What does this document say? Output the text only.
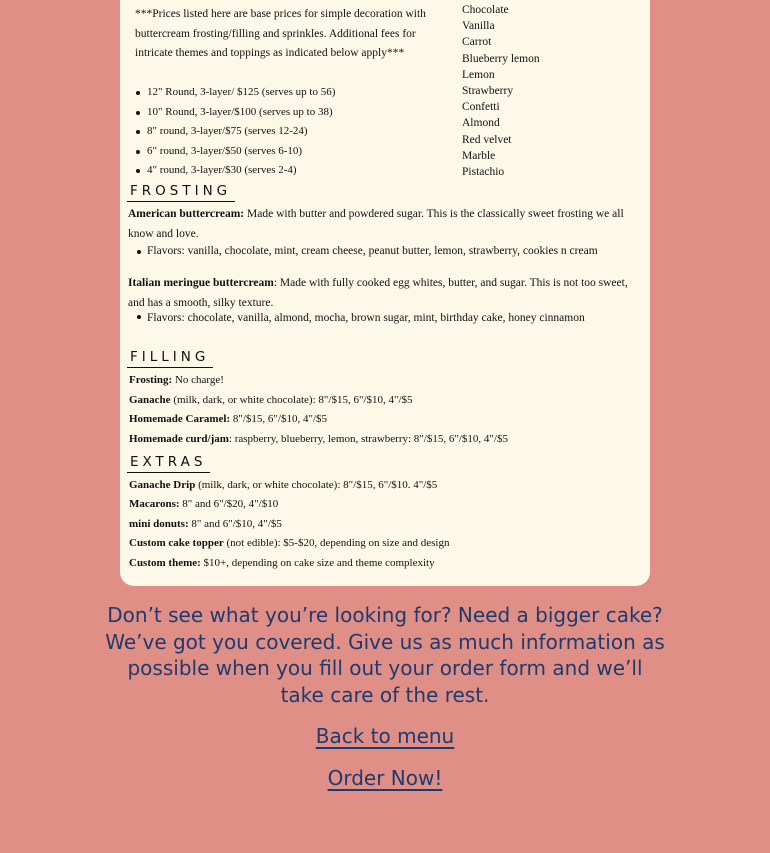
***Prices listed here are base prices for simple decoration with buttercream frosting/filling and sprinkles. Additional fees for intricate themes and toppings as indicated below apply***

12" Round, 3-layer/ $125 (serves up to 56)
10" Round, 3-layer/$100 (serves up to 38)
8" round, 3-layer/$75 (serves 12-24)
6" round, 3-layer/$50 (serves 6-10)
4" round, 3-layer/$30 (serves 2-4)
Chocolate
Vanilla
Carrot
Blueberry lemon
Lemon
Strawberry
Confetti
Almond
Red velvet
Marble
Pistachio
FROSTING

American buttercream: Made with butter and powdered sugar. This is the classically sweet frosting we all know and love.

Flavors: vanilla, chocolate, mint, cream cheese, peanut butter, lemon, strawberry, cookies n cream

Italian meringue buttercream: Made with fully cooked egg whites, butter, and sugar. This is not too sweet, and has a smooth, silky texture.

Flavors: chocolate, vanilla, almond, mocha, brown sugar, mint, birthday cake, honey cinnamon

FILLING
Frosting: No charge!
Ganache (milk, dark, or white chocolate): 8"/$15, 6"/$10, 4"/$5
Homemade Caramel: 8"/$15, 6"/$10, 4"/$5
Homemade curd/jam: raspberry, blueberry, lemon, strawberry: 8"/$15, 6"/$10, 4"/$5
EXTRAS
Ganache Drip (milk, dark, or white chocolate): 8"/$15, 6"/$10. 4"/$5
Macarons: 8" and 6"/$20, 4"/$10
mini donuts: 8" and 6"/$10, 4"/$5
Custom cake topper (not edible): $5-$20, depending on size and design
Custom theme: $10+, depending on cake size and theme complexity

Don’t see what you’re looking for? Need a bigger cake? We’ve got you covered. Give us as much information as possible when you fill out your order form and we’ll take care of the rest.

Back to menu
Order Now!
